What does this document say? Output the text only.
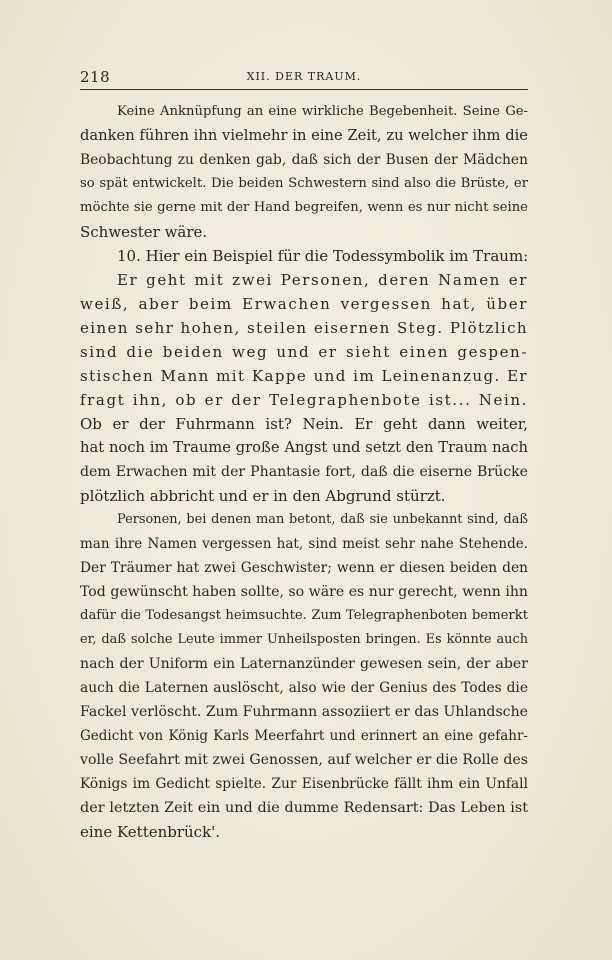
218	XII. DER TRAUM.
Keine Anknüpfung an eine wirkliche Begebenheit. Seine Ge-
danken führen ihn vielmehr in eine Zeit, zu welcher ihm die
Beobachtung zu denken gab, daß sich der Busen der Mädchen
so spät entwickelt. Die beiden Schwestern sind also die Brüste, er
möchte sie gerne mit der Hand begreifen, wenn es nur nicht seine
Schwester wäre.
10. Hier ein Beispiel für die Todessymbolik im Traum:
Er geht mit zwei Personen, deren Namen er
weiß, aber beim Erwachen vergessen hat, über
einen sehr hohen, steilen eisernen Steg. Plötzlich
sind die beiden weg und er sieht einen gespen-
stischen Mann mit Kappe und im Leinenanzug. Er
fragt ihn, ob er der Telegraphenbote ist... Nein.
Ob er der Fuhrmann ist? Nein. Er geht dann weiter,
hat noch im Traume große Angst und setzt den Traum nach
dem Erwachen mit der Phantasie fort, daß die eiserne Brücke
plötzlich abbricht und er in den Abgrund stürzt.
Personen, bei denen man betont, daß sie unbekannt sind, daß
man ihre Namen vergessen hat, sind meist sehr nahe Stehende.
Der Träumer hat zwei Geschwister; wenn er diesen beiden den
Tod gewünscht haben sollte, so wäre es nur gerecht, wenn ihn
dafür die Todesangst heimsuchte. Zum Telegraphenboten bemerkt
er, daß solche Leute immer Unheilsposten bringen. Es könnte auch
nach der Uniform ein Laternanzünder gewesen sein, der aber
auch die Laternen auslöscht, also wie der Genius des Todes die
Fackel verlöscht. Zum Fuhrmann assoziiert er das Uhlandsche
Gedicht von König Karls Meerfahrt und erinnert an eine gefahr-
volle Seefahrt mit zwei Genossen, auf welcher er die Rolle des
Königs im Gedicht spielte. Zur Eisenbrücke fällt ihm ein Unfall
der letzten Zeit ein und die dumme Redensart: Das Leben ist
eine Kettenbrück'.
